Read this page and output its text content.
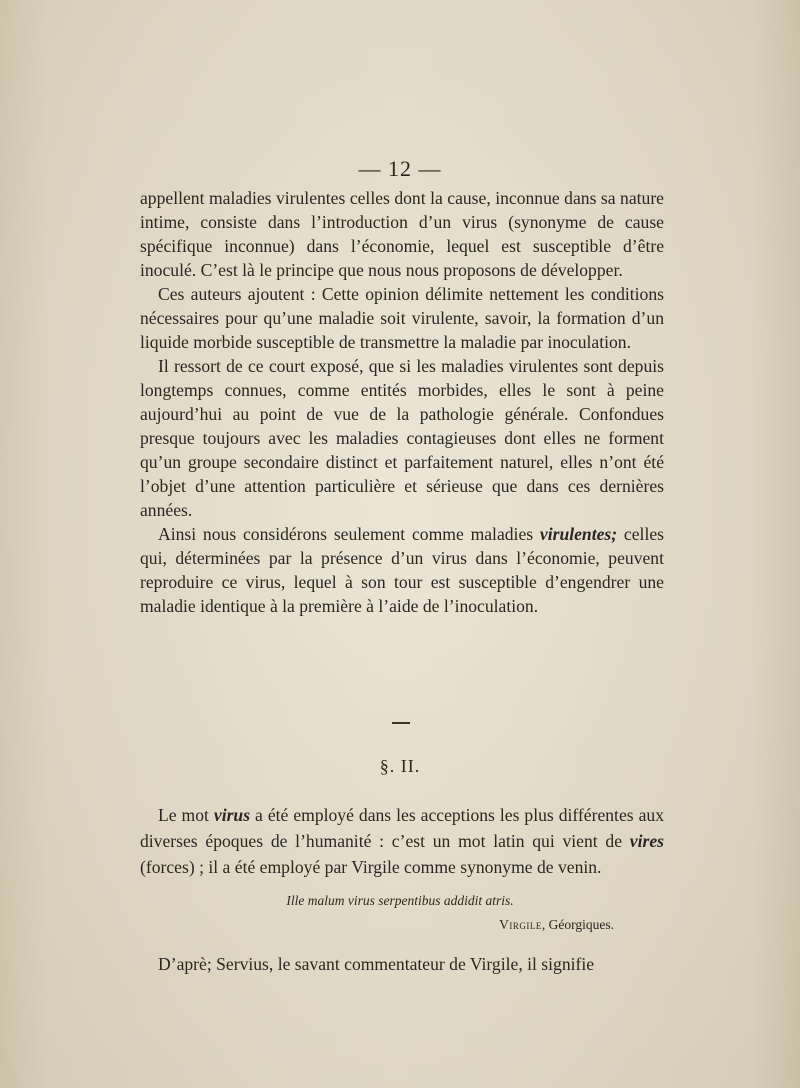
— 12 —

appellent maladies virulentes celles dont la cause, inconnue dans sa nature intime, consiste dans l’introduction d’un virus (synonyme de cause spécifique inconnue) dans l’économie, lequel est susceptible d’être inoculé. C’est là le principe que nous nous proposons de développer.

Ces auteurs ajoutent : Cette opinion délimite nettement les conditions nécessaires pour qu’une maladie soit virulente, savoir, la formation d’un liquide morbide susceptible de transmettre la maladie par inoculation.

Il ressort de ce court exposé, que si les maladies virulentes sont depuis longtemps connues, comme entités morbides, elles le sont à peine aujourd’hui au point de vue de la pathologie générale. Confondues presque toujours avec les maladies contagieuses dont elles ne forment qu’un groupe secondaire distinct et parfaitement naturel, elles n’ont été l’objet d’une attention particulière et sérieuse que dans ces dernières années.

Ainsi nous considérons seulement comme maladies virulentes; celles qui, déterminées par la présence d’un virus dans l’économie, peuvent reproduire ce virus, lequel à son tour est susceptible d’engendrer une maladie identique à la première à l’aide de l’inoculation.

§. II.

Le mot virus a été employé dans les acceptions les plus différentes aux diverses époques de l’humanité : c’est un mot latin qui vient de vires (forces) ; il a été employé par Virgile comme synonyme de venin.

Ille malum virus serpentibus addidit atris.
Virgile, Géorgiques.

D’aprè; Servius, le savant commentateur de Virgile, il signifie
